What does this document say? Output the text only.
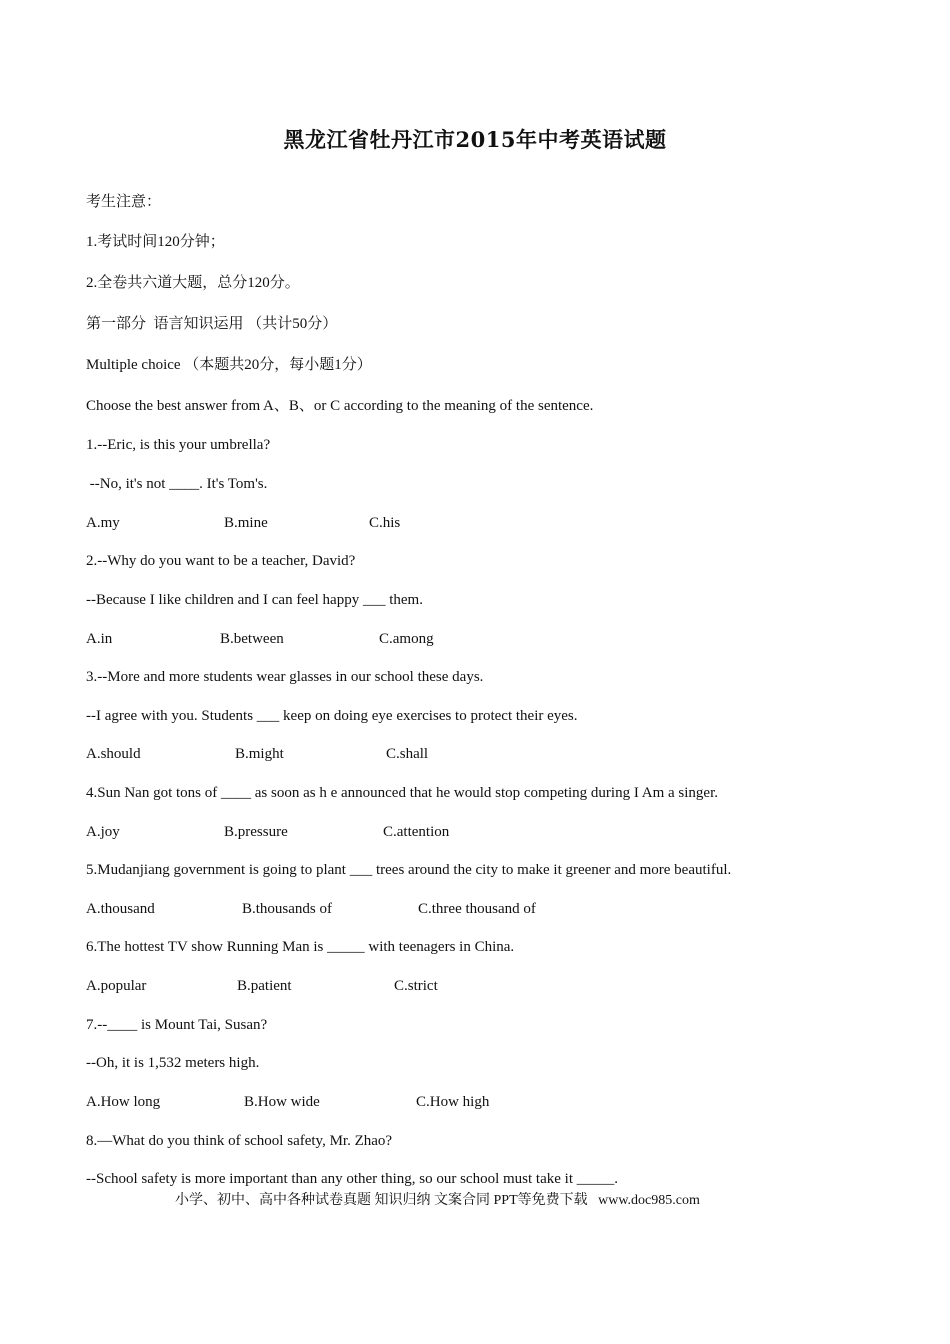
黑龙江省牡丹江市2015年中考英语试题
考生注意：
1.考试时间120分钟；
2.全卷共六道大题，总分120分。
第一部分  语言知识运用 （共计50分）
Multiple choice （本题共20分，每小题1分）
Choose the best answer from A、B、or C according to the meaning of the sentence.
1.--Eric, is this your umbrella?
--No, it's not ____. It's Tom's.

A.my

	B.mine

	C.his

2.--Why do you want to be a teacher, David?
--Because I like children and I can feel happy ___ them.

A.in

	B.between

	C.among

3.--More and more students wear glasses in our school these days.
--I agree with you. Students ___ keep on doing eye exercises to protect their eyes.

A.should

	B.might

	C.shall

4.Sun Nan got tons of ____ as soon as h e announced that he would stop competing during I Am a singer.

A.joy

	B.pressure

	C.attention

5.Mudanjiang government is going to plant ___ trees around the city to make it greener and more beautiful.

A.thousand

	B.thousands of

	C.three thousand of

6.The hottest TV show Running Man is _____ with teenagers in China.

A.popular

	B.patient

	C.strict

7.--____ is Mount Tai, Susan?
--Oh, it is 1,532 meters high.

A.How long

	B.How wide

	C.How high

8.—What do you think of school safety, Mr. Zhao?
--School safety is more important than any other thing, so our school must take it _____.
小学、初中、高中各种试卷真题 知识归纳 文案合同 PPT等免费下载   www.doc985.com
